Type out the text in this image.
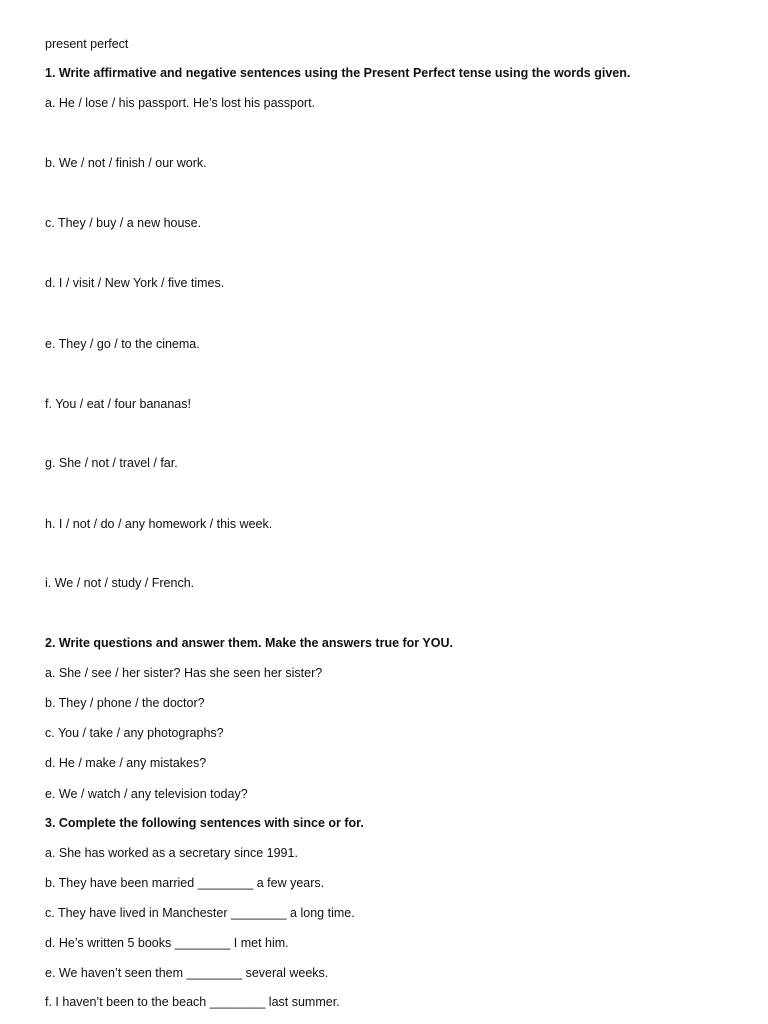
present perfect
1. Write affirmative and negative sentences using the Present Perfect tense using the words given.
a. He / lose / his passport. He’s lost his passport.
b. We / not / finish / our work.
c. They / buy / a new house.
d. I / visit / New York / five times.
e. They / go / to the cinema.
f. You / eat / four bananas!
g. She / not / travel / far.
h. I / not / do / any homework / this week.
i. We / not / study / French.
2. Write questions and answer them. Make the answers true for YOU.
a. She / see / her sister? Has she seen her sister?
b. They / phone / the doctor?
c. You / take / any photographs?
d. He / make / any mistakes?
e. We / watch / any television today?
3. Complete the following sentences with since or for.
a. She has worked as a secretary since 1991.
b. They have been married ________ a few years.
c. They have lived in Manchester ________ a long time.
d. He’s written 5 books ________ I met him.
e. We haven’t seen them ________ several weeks.
f. I haven’t been to the beach ________ last summer.
